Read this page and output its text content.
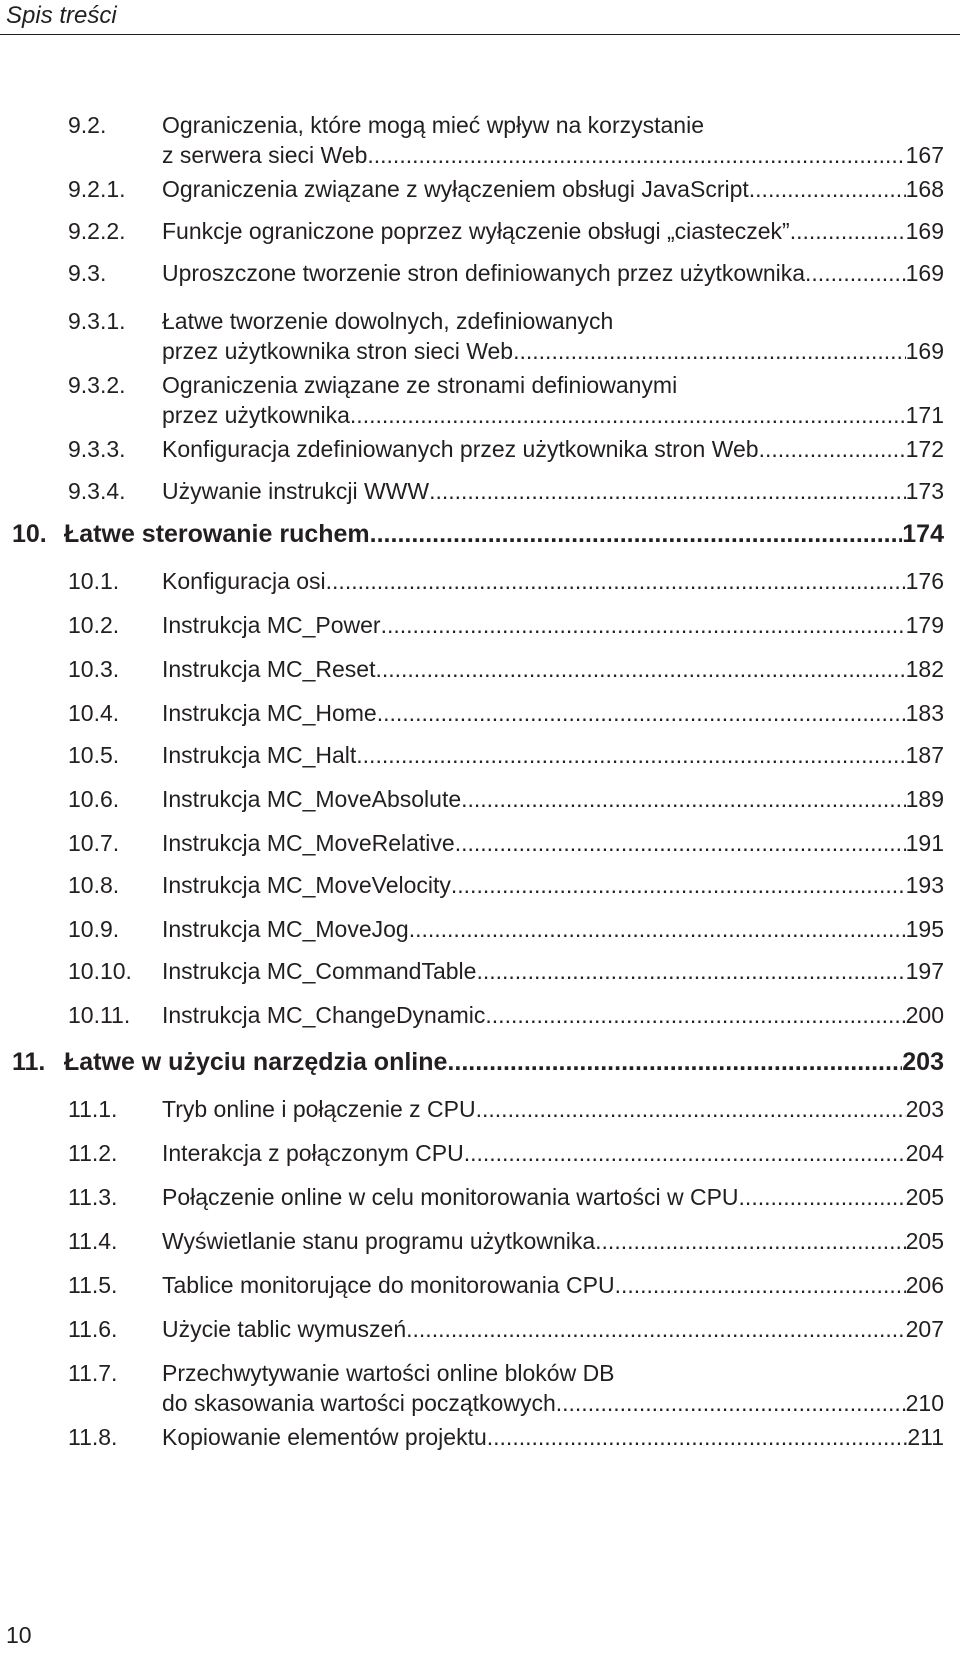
Spis treści
9.2. Ograniczenia, które mogą mieć wpływ na korzystanie
z serwera sieci Web .....	167
9.2.1. Ograniczenia związane z wyłączeniem obsługi JavaScript .....	168
9.2.2. Funkcje ograniczone poprzez wyłączenie obsługi „ciasteczek” .....	169
9.3. Uproszczone tworzenie stron definiowanych przez użytkownika. .....	169
9.3.1. Łatwe tworzenie dowolnych, zdefiniowanych
przez użytkownika stron sieci Web .....	169
9.3.2. Ograniczenia związane ze stronami definiowanymi
przez użytkownika .....	171
9.3.3. Konfiguracja zdefiniowanych przez użytkownika stron Web .....	172
9.3.4. Używanie instrukcji WWW .....	173
10. Łatwe sterowanie ruchem .....	174
10.1. Konfiguracja osi .....	176
10.2. Instrukcja MC_Power .....	179
10.3. Instrukcja MC_Reset .....	182
10.4. Instrukcja MC_Home .....	183
10.5. Instrukcja MC_Halt .....	187
10.6. Instrukcja MC_MoveAbsolute .....	189
10.7. Instrukcja MC_MoveRelative .....	191
10.8. Instrukcja MC_MoveVelocity .....	193
10.9. Instrukcja MC_MoveJog .....	195
10.10. Instrukcja MC_CommandTable .....	197
10.11. Instrukcja MC_ChangeDynamic .....	200
11. Łatwe w użyciu narzędzia online .....	203
11.1. Tryb online i połączenie z CPU .....	203
11.2. Interakcja z połączonym CPU .....	204
11.3. Połączenie online w celu monitorowania wartości w CPU .....	205
11.4. Wyświetlanie stanu programu użytkownika .....	205
11.5. Tablice monitorujące do monitorowania CPU .....	206
11.6. Użycie tablic wymuszeń .....	207
11.7. Przechwytywanie wartości online bloków DB
do skasowania wartości początkowych .....	210
11.8. Kopiowanie elementów projektu .....	211
10
